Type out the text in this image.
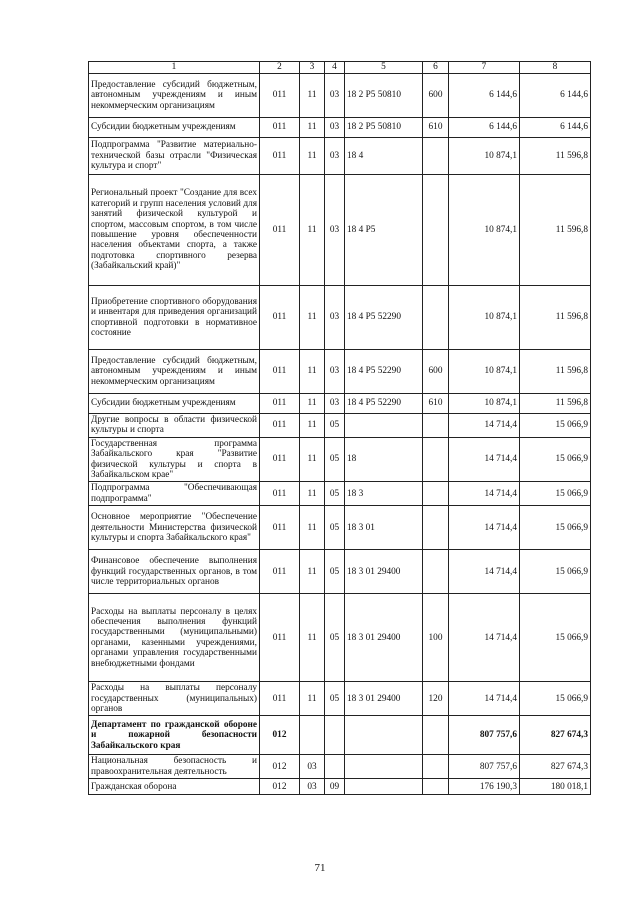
1	2	3	4	5	6	7	8
Предоставление субсидий бюджетным, автономным учреждениям и иным некоммерческим организациям	011	11	03	18 2 P5 50810	600	6 144,6	6 144,6
Субсидии бюджетным учреждениям	011	11	03	18 2 P5 50810	610	6 144,6	6 144,6
Подпрограмма "Развитие материально-технической базы отрасли "Физическая культура и спорт"	011	11	03	18 4		10 874,1	11 596,8
Региональный проект "Создание для всех категорий и групп населения условий для занятий физической культурой и спортом, массовым спортом, в том числе повышение уровня обеспеченности населения объектами спорта, а также подготовка спортивного резерва (Забайкальский край)"	011	11	03	18 4 P5		10 874,1	11 596,8
Приобретение спортивного оборудования и инвентаря для приведения организаций спортивной подготовки в нормативное состояние	011	11	03	18 4 P5 52290		10 874,1	11 596,8
Предоставление субсидий бюджетным, автономным учреждениям и иным некоммерческим организациям	011	11	03	18 4 P5 52290	600	10 874,1	11 596,8
Субсидии бюджетным учреждениям	011	11	03	18 4 P5 52290	610	10 874,1	11 596,8
Другие вопросы в области физической культуры и спорта	011	11	05			14 714,4	15 066,9
Государственная программа Забайкальского края "Развитие физической культуры и спорта в Забайкальском крае"	011	11	05	18		14 714,4	15 066,9
Подпрограмма "Обеспечивающая подпрограмма"	011	11	05	18 3		14 714,4	15 066,9
Основное мероприятие "Обеспечение деятельности Министерства физической культуры и спорта Забайкальского края"	011	11	05	18 3 01		14 714,4	15 066,9
Финансовое обеспечение выполнения функций государственных органов, в том числе территориальных органов	011	11	05	18 3 01 29400		14 714,4	15 066,9
Расходы на выплаты персоналу в целях обеспечения выполнения функций государственными (муниципальными) органами, казенными учреждениями, органами управления государственными внебюджетными фондами	011	11	05	18 3 01 29400	100	14 714,4	15 066,9
Расходы на выплаты персоналу государственных (муниципальных) органов	011	11	05	18 3 01 29400	120	14 714,4	15 066,9
Департамент по гражданской обороне и пожарной безопасности Забайкальского края	012					807 757,6	827 674,3
Национальная безопасность и правоохранительная деятельность	012	03				807 757,6	827 674,3
Гражданская оборона	012	03	09			176 190,3	180 018,1
71
